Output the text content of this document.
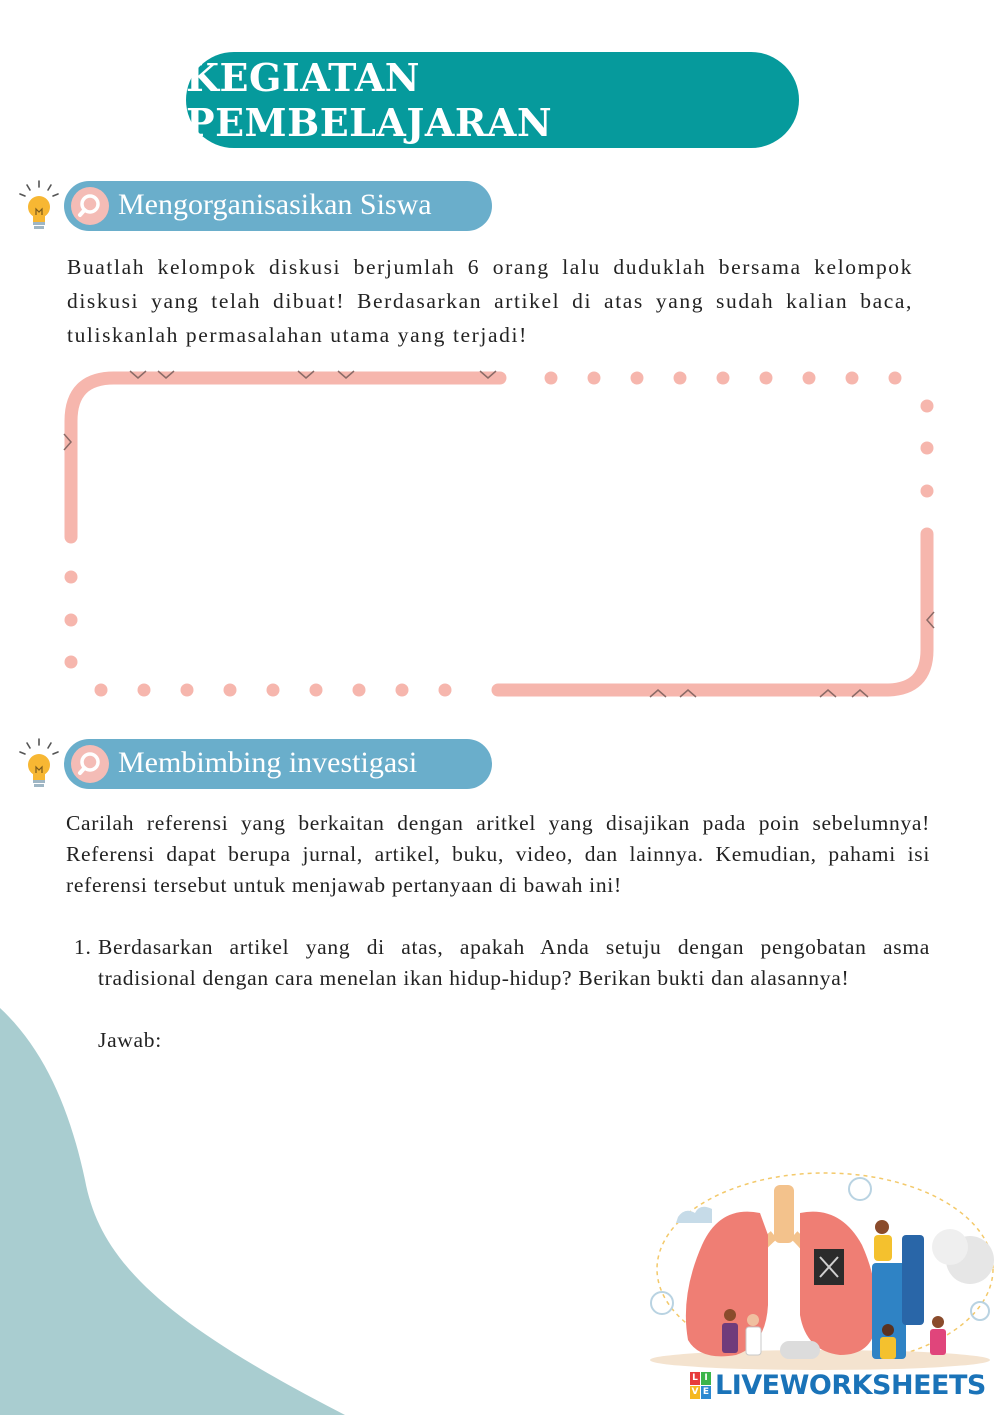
KEGIATAN PEMBELAJARAN
Mengorganisasikan Siswa
Buatlah kelompok diskusi berjumlah 6 orang lalu duduklah bersama kelompok diskusi yang telah dibuat! Berdasarkan artikel di atas yang sudah kalian baca, tuliskanlah permasalahan utama yang terjadi!
Membimbing investigasi
Carilah referensi yang berkaitan dengan aritkel yang disajikan pada poin sebelumnya! Referensi dapat berupa jurnal, artikel, buku, video, dan lainnya. Kemudian, pahami isi referensi tersebut untuk menjawab pertanyaan di bawah ini!
1. Berdasarkan artikel yang di atas, apakah Anda setuju dengan pengobatan asma tradisional dengan cara menelan ikan hidup-hidup? Berikan bukti dan alasannya!
Jawab:
L I
V E LIVEWORKSHEETS
